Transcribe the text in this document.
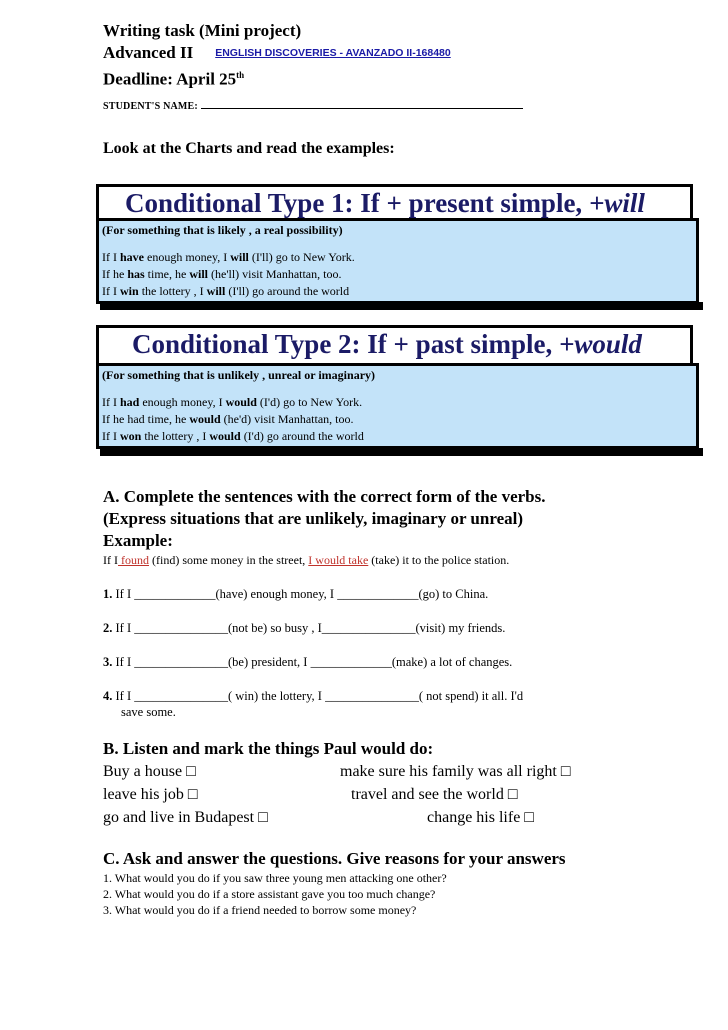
Writing task (Mini project)
Advanced II ENGLISH DISCOVERIES - AVANZADO II-168480
Deadline: April 25th
STUDENT'S NAME:
Look at the Charts and read the examples:
Conditional Type 1: If + present simple, +will
(For something that is likely , a real possibility)
If I have enough money, I will (I'll) go to New York.
If he has time, he will (he'll) visit Manhattan, too.
If I win the lottery , I will (I'll) go around the world
Conditional Type 2: If + past simple, +would
(For something that is unlikely , unreal or imaginary)
If I had enough money, I would (I'd) go to New York.
If he had time, he would (he'd) visit Manhattan, too.
If I won the lottery , I would (I'd) go around the world
A. Complete the sentences with the correct form of the verbs.
(Express situations that are unlikely, imaginary or unreal)
Example:
If I found (find) some money in the street, I would take (take) it to the police station.
1. If I _____________(have) enough money, I _____________(go) to China.
2. If I _______________(not be) so busy , I_______________(visit) my friends.
3. If I _______________(be) president, I _____________(make) a lot of changes.
4. If I _______________( win) the lottery, I _______________( not spend) it all. I'd
save some.
B. Listen and mark the things Paul would do:
Buy a house □	make sure his family was all right □
leave his job □	travel and see the world □
go and live in Budapest □	change his life □
C. Ask and answer the questions. Give reasons for your answers
1. What would you do if you saw three young men attacking one other?
2. What would you do if a store assistant gave you too much change?
3. What would you do if a friend needed to borrow some money?
